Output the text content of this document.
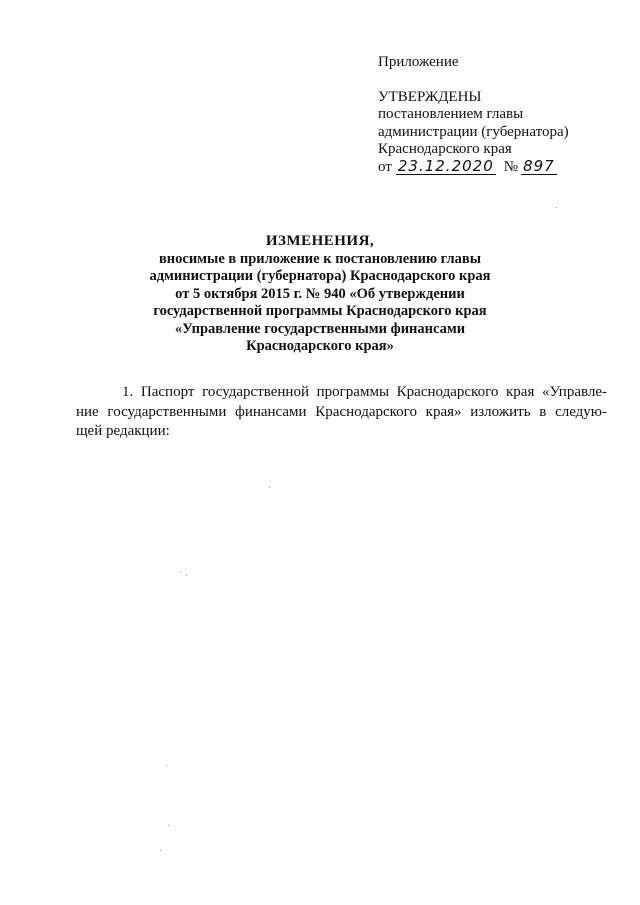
Приложение
УТВЕРЖДЕНЫ
постановлением главы
администрации (губернатора)
Краснодарского края
от 23.12.2020 № 897
ИЗМЕНЕНИЯ,
вносимые в приложение к постановлению главы
администрации (губернатора) Краснодарского края
от 5 октября 2015 г. № 940 «Об утверждении
государственной программы Краснодарского края
«Управление государственными финансами
Краснодарского края»
1. Паспорт государственной программы Краснодарского края «Управле-
ние государственными финансами Краснодарского края» изложить в следую-
щей редакции:
